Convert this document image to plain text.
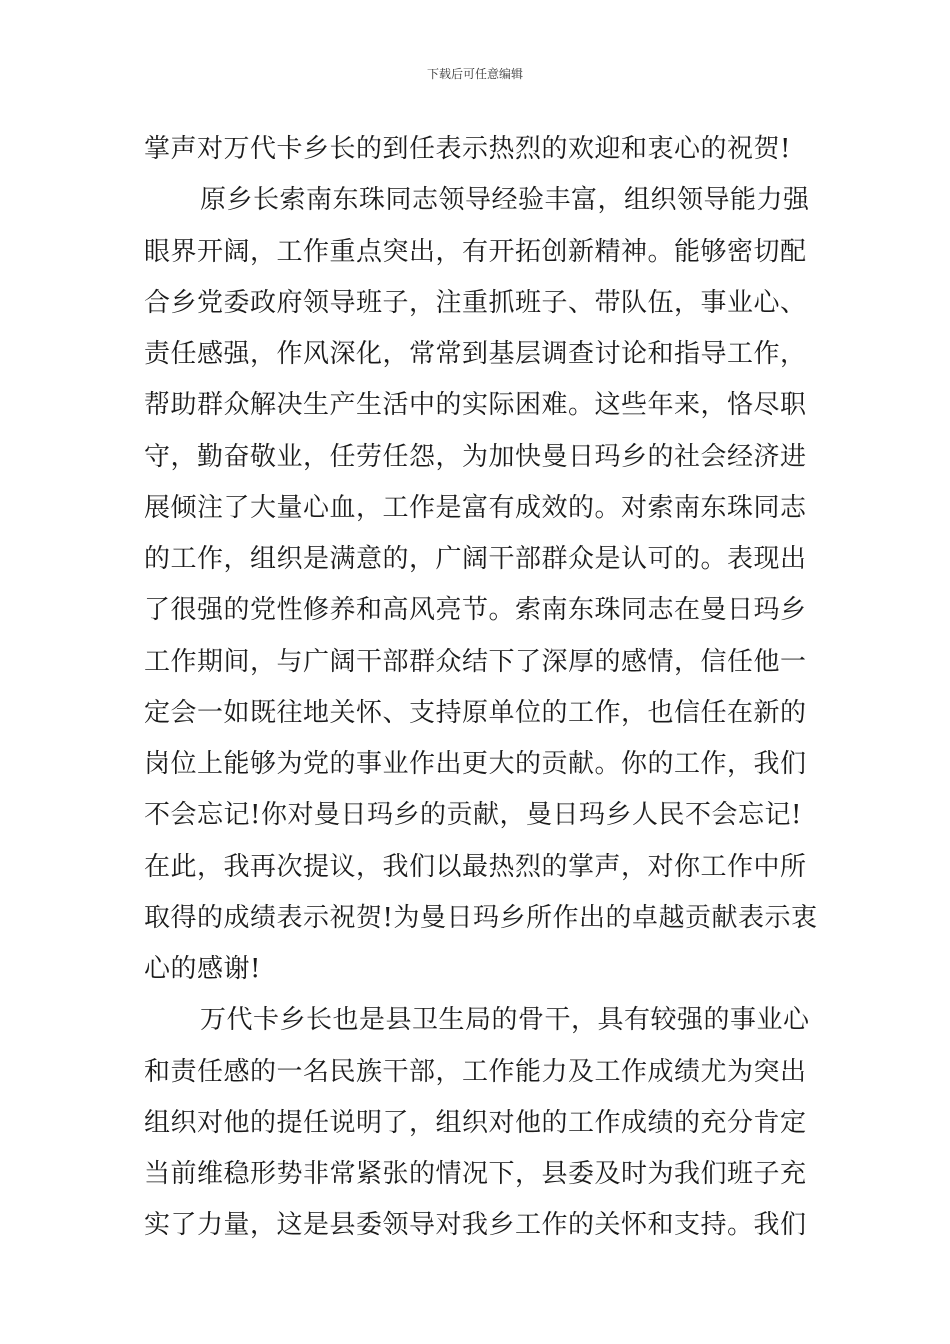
下载后可任意编辑
掌声对万代卡乡长的到任表示热烈的欢迎和衷心的祝贺!
原乡长索南东珠同志领导经验丰富，组织领导能力强
眼界开阔，工作重点突出，有开拓创新精神。能够密切配
合乡党委政府领导班子，注重抓班子、带队伍，事业心、
责任感强，作风深化，常常到基层调查讨论和指导工作，
帮助群众解决生产生活中的实际困难。这些年来，恪尽职
守，勤奋敬业，任劳任怨，为加快曼日玛乡的社会经济进
展倾注了大量心血，工作是富有成效的。对索南东珠同志
的工作，组织是满意的，广阔干部群众是认可的。表现出
了很强的党性修养和高风亮节。索南东珠同志在曼日玛乡
工作期间，与广阔干部群众结下了深厚的感情，信任他一
定会一如既往地关怀、支持原单位的工作，也信任在新的
岗位上能够为党的事业作出更大的贡献。你的工作，我们
不会忘记!你对曼日玛乡的贡献，曼日玛乡人民不会忘记!
在此，我再次提议，我们以最热烈的掌声，对你工作中所
取得的成绩表示祝贺!为曼日玛乡所作出的卓越贡献表示衷
心的感谢!
万代卡乡长也是县卫生局的骨干，具有较强的事业心
和责任感的一名民族干部，工作能力及工作成绩尤为突出
组织对他的提任说明了，组织对他的工作成绩的充分肯定
当前维稳形势非常紧张的情况下，县委及时为我们班子充
实了力量，这是县委领导对我乡工作的关怀和支持。我们
